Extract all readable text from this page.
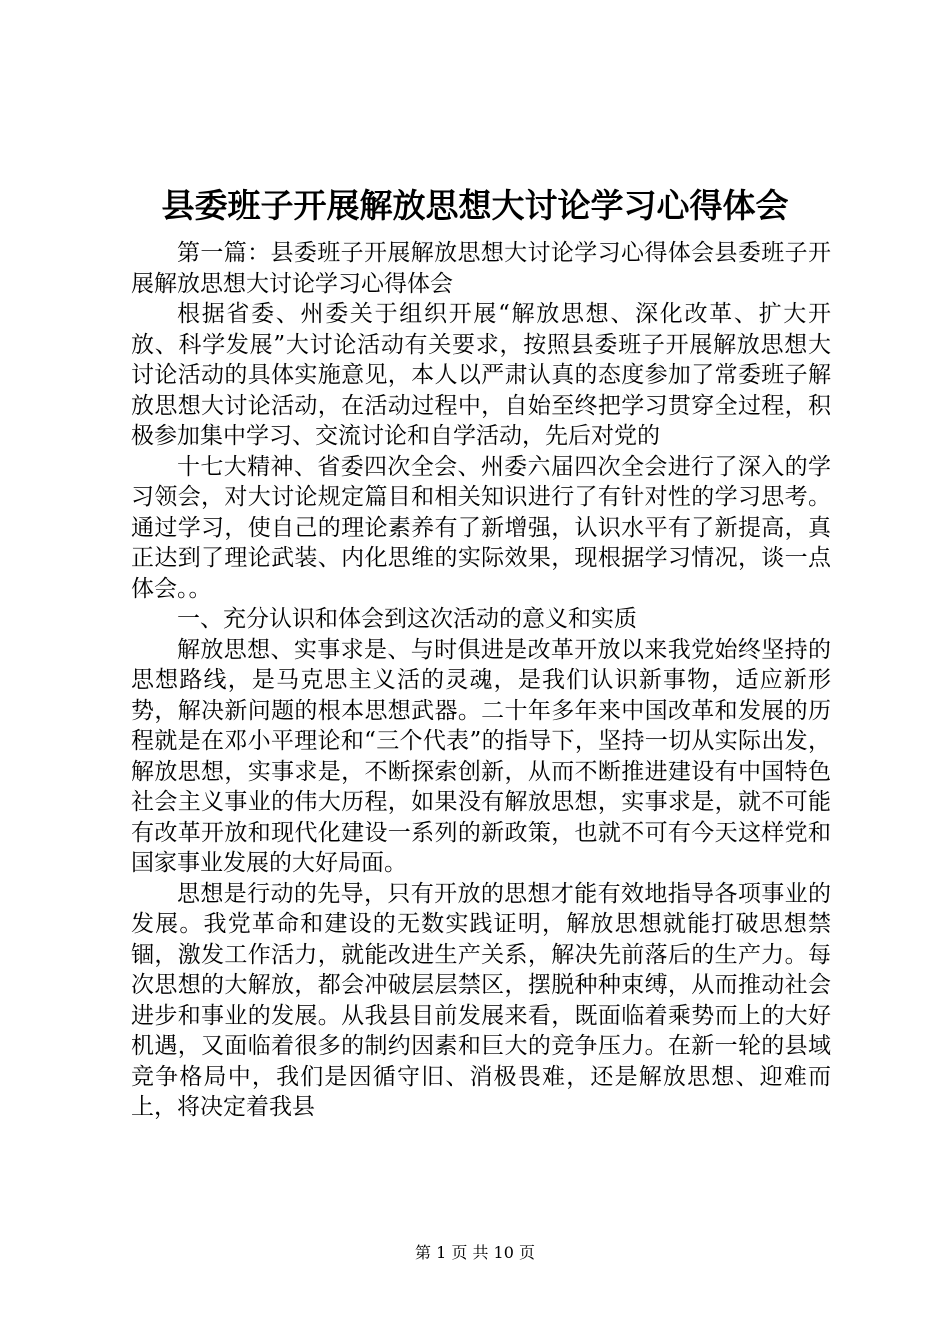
县委班子开展解放思想大讨论学习心得体会

第一篇：县委班子开展解放思想大讨论学习心得体会县委班子开展解放思想大讨论学习心得体会

根据省委、州委关于组织开展“解放思想、深化改革、扩大开放、科学发展”大讨论活动有关要求，按照县委班子开展解放思想大讨论活动的具体实施意见，本人以严肃认真的态度参加了常委班子解放思想大讨论活动，在活动过程中，自始至终把学习贯穿全过程，积极参加集中学习、交流讨论和自学活动，先后对党的

十七大精神、省委四次全会、州委六届四次全会进行了深入的学习领会，对大讨论规定篇目和相关知识进行了有针对性的学习思考。通过学习，使自己的理论素养有了新增强，认识水平有了新提高，真正达到了理论武装、内化思维的实际效果，现根据学习情况，谈一点体会。。

一、充分认识和体会到这次活动的意义和实质

解放思想、实事求是、与时俱进是改革开放以来我党始终坚持的思想路线，是马克思主义活的灵魂，是我们认识新事物，适应新形势，解决新问题的根本思想武器。二十年多年来中国改革和发展的历程就是在邓小平理论和“三个代表”的指导下，坚持一切从实际出发，解放思想，实事求是，不断探索创新，从而不断推进建设有中国特色社会主义事业的伟大历程，如果没有解放思想，实事求是，就不可能有改革开放和现代化建设一系列的新政策，也就不可有今天这样党和国家事业发展的大好局面。

思想是行动的先导，只有开放的思想才能有效地指导各项事业的发展。我党革命和建设的无数实践证明，解放思想就能打破思想禁锢，激发工作活力，就能改进生产关系，解决先前落后的生产力。每次思想的大解放，都会冲破层层禁区，摆脱种种束缚，从而推动社会进步和事业的发展。从我县目前发展来看，既面临着乘势而上的大好机遇，又面临着很多的制约因素和巨大的竞争压力。在新一轮的县域竞争格局中，我们是因循守旧、消极畏难，还是解放思想、迎难而上，将决定着我县

第 1 页 共 10 页
